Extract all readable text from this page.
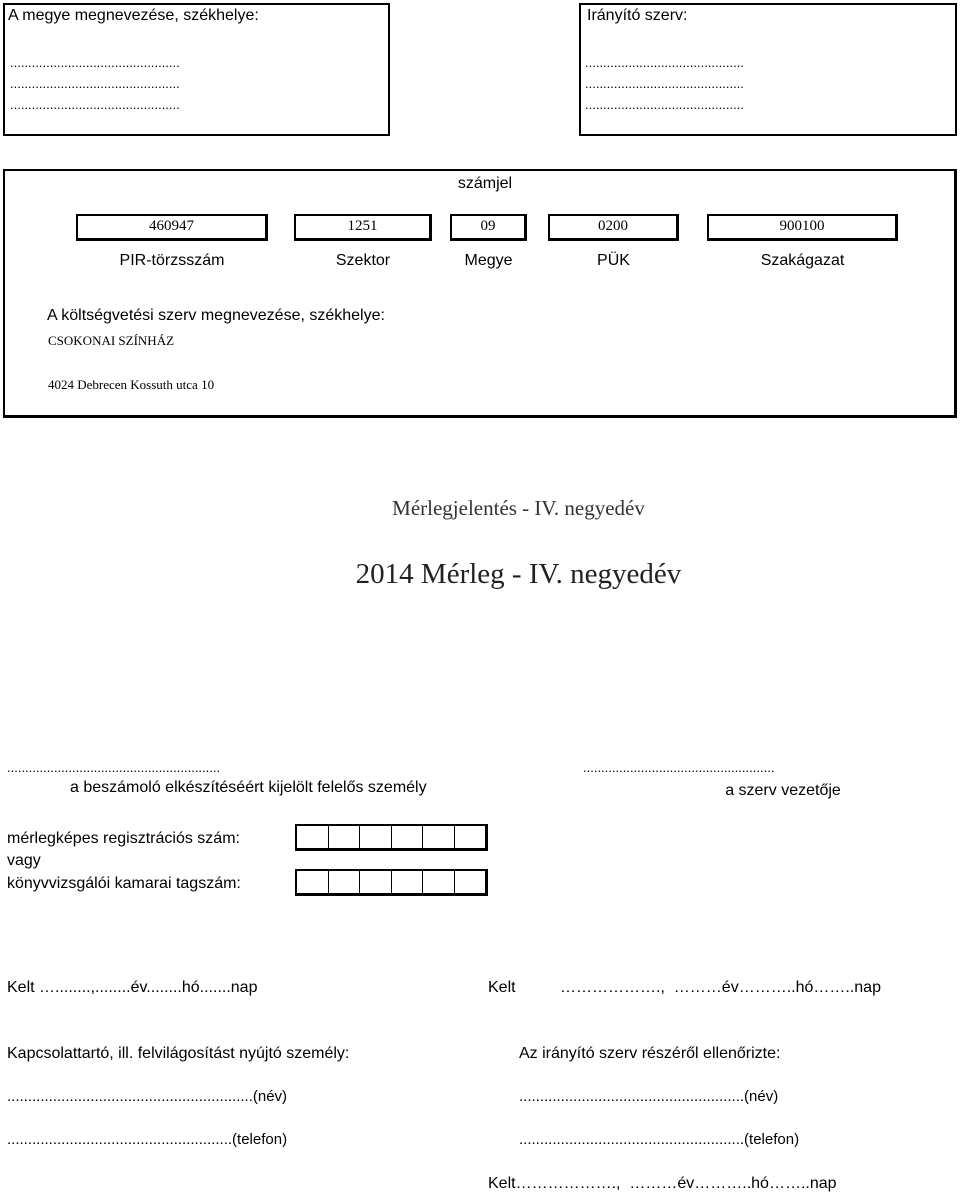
A megye megnevezése, székhelye:
...............................................
...............................................
...............................................
Irányító szerv:
............................................
............................................
............................................
számjel
460947	1251	09	0200	900100
PIR-törzsszám	Szektor	Megye	PÜK	Szakágazat
A költségvetési szerv megnevezése, székhelye:
CSOKONAI SZÍNHÁZ
4024 Debrecen Kossuth utca 10
Mérlegjelentés - IV. negyedév
2014 Mérleg - IV. negyedév
...........................................................
a beszámoló elkészítéséért kijelölt felelős személy
.....................................................
a szerv vezetője
mérlegképes regisztrációs szám:
vagy
könyvvizsgálói kamarai tagszám:
Kelt …........,........év........hó.......nap	Kelt          ……………….,  ………év………..hó……..nap
Kapcsolattartó, ill. felvilágosítást nyújtó személy:
...........................................................(név)
......................................................(telefon)
Az irányító szerv részéről ellenőrizte:
......................................................(név)
......................................................(telefon)
Kelt……………….,  ………év………..hó……..nap
